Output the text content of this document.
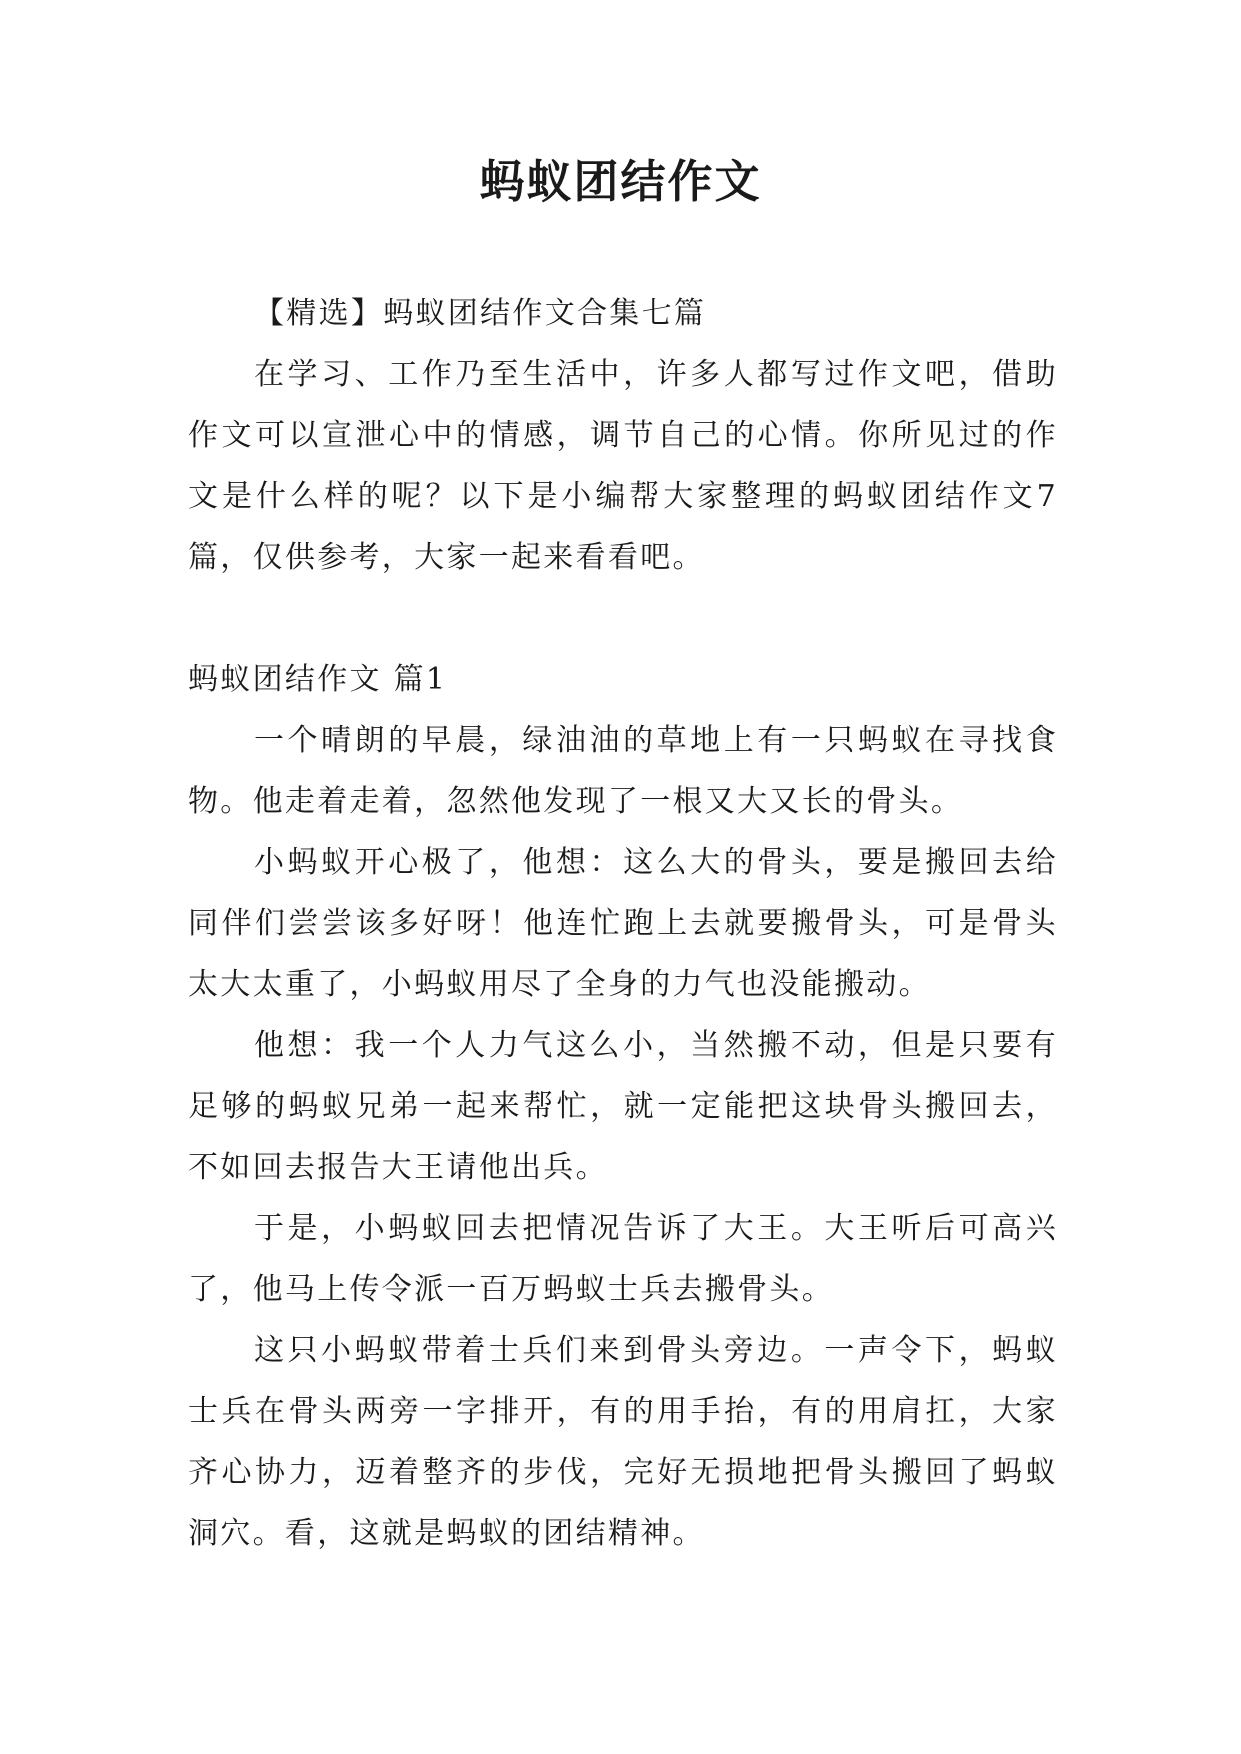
蚂蚁团结作文

【精选】蚂蚁团结作文合集七篇

在学习、工作乃至生活中，许多人都写过作文吧，借助作文可以宣泄心中的情感，调节自己的心情。你所见过的作文是什么样的呢？以下是小编帮大家整理的蚂蚁团结作文7篇，仅供参考，大家一起来看看吧。

蚂蚁团结作文 篇1

一个晴朗的早晨，绿油油的草地上有一只蚂蚁在寻找食物。他走着走着，忽然他发现了一根又大又长的骨头。

小蚂蚁开心极了，他想：这么大的骨头，要是搬回去给同伴们尝尝该多好呀！他连忙跑上去就要搬骨头，可是骨头太大太重了，小蚂蚁用尽了全身的力气也没能搬动。

他想：我一个人力气这么小，当然搬不动，但是只要有足够的蚂蚁兄弟一起来帮忙，就一定能把这块骨头搬回去，不如回去报告大王请他出兵。

于是，小蚂蚁回去把情况告诉了大王。大王听后可高兴了，他马上传令派一百万蚂蚁士兵去搬骨头。

这只小蚂蚁带着士兵们来到骨头旁边。一声令下，蚂蚁士兵在骨头两旁一字排开，有的用手抬，有的用肩扛，大家齐心协力，迈着整齐的步伐，完好无损地把骨头搬回了蚂蚁洞穴。看，这就是蚂蚁的团结精神。
